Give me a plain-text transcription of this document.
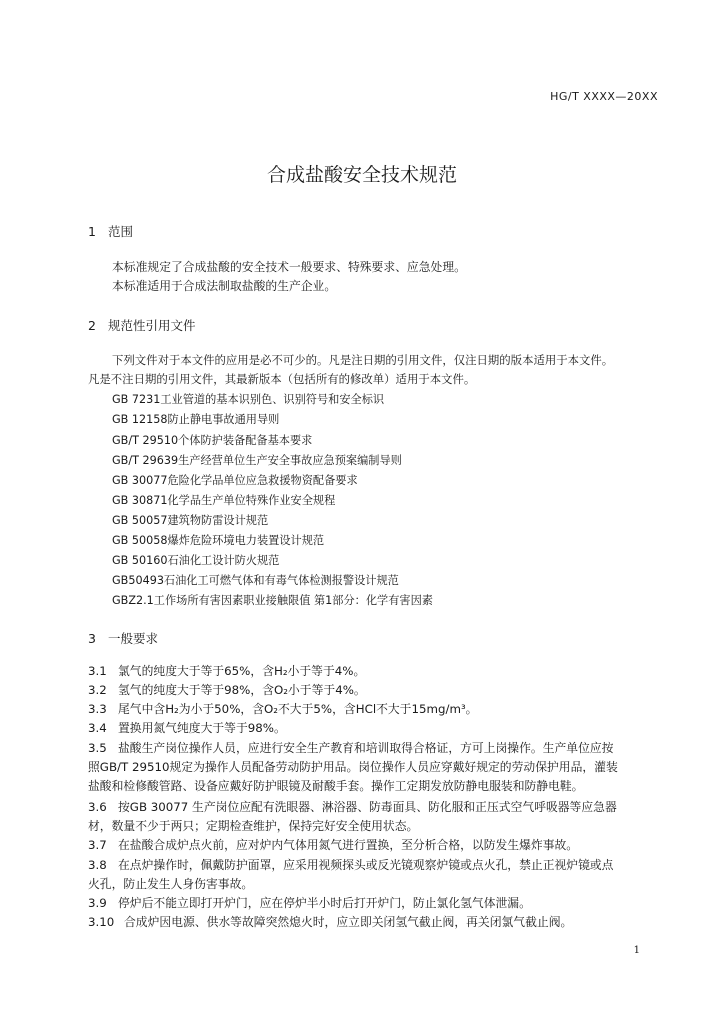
HG/T XXXX—20XX
合成盐酸安全技术规范
1 范围
本标准规定了合成盐酸的安全技术一般要求、特殊要求、应急处理。
本标准适用于合成法制取盐酸的生产企业。
2 规范性引用文件
下列文件对于本文件的应用是必不可少的。凡是注日期的引用文件，仅注日期的版本适用于本文件。
凡是不注日期的引用文件，其最新版本（包括所有的修改单）适用于本文件。
GB 7231工业管道的基本识别色、识别符号和安全标识
GB 12158防止静电事故通用导则
GB/T 29510个体防护装备配备基本要求
GB/T 29639生产经营单位生产安全事故应急预案编制导则
GB 30077危险化学品单位应急救援物资配备要求
GB 30871化学品生产单位特殊作业安全规程
GB 50057建筑物防雷设计规范
GB 50058爆炸危险环境电力装置设计规范
GB 50160石油化工设计防火规范
GB50493石油化工可燃气体和有毒气体检测报警设计规范
GBZ2.1工作场所有害因素职业接触限值 第1部分：化学有害因素
3 一般要求
3.1 氯气的纯度大于等于65%，含H₂小于等于4%。
3.2 氢气的纯度大于等于98%，含O₂小于等于4%。
3.3 尾气中含H₂为小于50%，含O₂不大于5%，含HCl不大于15mg/m³。
3.4 置换用氮气纯度大于等于98%。
3.5 盐酸生产岗位操作人员，应进行安全生产教育和培训取得合格证，方可上岗操作。生产单位应按
照GB/T 29510规定为操作人员配备劳动防护用品。岗位操作人员应穿戴好规定的劳动保护用品，灌装
盐酸和检修酸管路、设备应戴好防护眼镜及耐酸手套。操作工定期发放防静电服装和防静电鞋。
3.6 按GB 30077 生产岗位应配有洗眼器、淋浴器、防毒面具、防化服和正压式空气呼吸器等应急器
材，数量不少于两只；定期检查维护，保持完好安全使用状态。
3.7 在盐酸合成炉点火前，应对炉内气体用氮气进行置换，至分析合格，以防发生爆炸事故。
3.8 在点炉操作时，佩戴防护面罩，应采用视频探头或反光镜观察炉镜或点火孔，禁止正视炉镜或点
火孔，防止发生人身伤害事故。
3.9 停炉后不能立即打开炉门，应在停炉半小时后打开炉门，防止氯化氢气体泄漏。
3.10 合成炉因电源、供水等故障突然熄火时，应立即关闭氢气截止阀，再关闭氯气截止阀。
1
